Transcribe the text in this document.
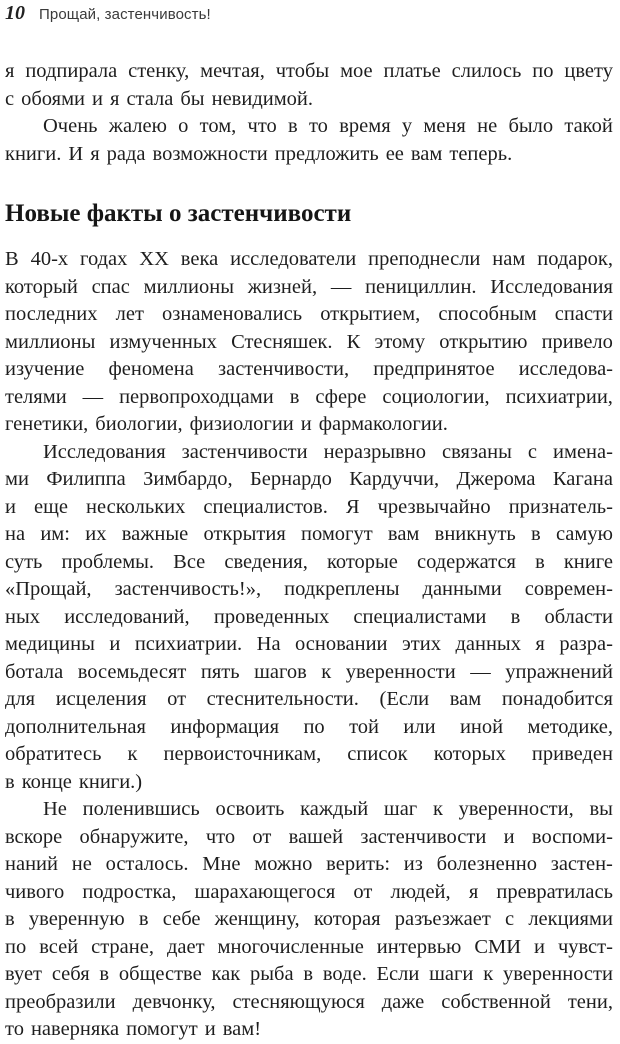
10 Прощай, застенчивость!
я подпирала стенку, мечтая, чтобы мое платье слилось по цвету
с обоями и я стала бы невидимой.
Очень жалею о том, что в то время у меня не было такой
книги. И я рада возможности предложить ее вам теперь.
Новые факты о застенчивости
В 40-х годах XX века исследователи преподнесли нам подарок,
который спас миллионы жизней, — пенициллин. Исследования
последних лет ознаменовались открытием, способным спасти
миллионы измученных Стесняшек. К этому открытию привело
изучение феномена застенчивости, предпринятое исследова-
телями — первопроходцами в сфере социологии, психиатрии,
генетики, биологии, физиологии и фармакологии.
Исследования застенчивости неразрывно связаны с имена-
ми Филиппа Зимбардо, Бернардо Кардуччи, Джерома Кагана
и еще нескольких специалистов. Я чрезвычайно признатель-
на им: их важные открытия помогут вам вникнуть в самую
суть проблемы. Все сведения, которые содержатся в книге
«Прощай, застенчивость!», подкреплены данными современ-
ных исследований, проведенных специалистами в области
медицины и психиатрии. На основании этих данных я разра-
ботала восемьдесят пять шагов к уверенности — упражнений
для исцеления от стеснительности. (Если вам понадобится
дополнительная информация по той или иной методике,
обратитесь к первоисточникам, список которых приведен
в конце книги.)
Не поленившись освоить каждый шаг к уверенности, вы
вскоре обнаружите, что от вашей застенчивости и воспоми-
наний не осталось. Мне можно верить: из болезненно застен-
чивого подростка, шарахающегося от людей, я превратилась
в уверенную в себе женщину, которая разъезжает с лекциями
по всей стране, дает многочисленные интервью СМИ и чувст-
вует себя в обществе как рыба в воде. Если шаги к уверенности
преобразили девчонку, стесняющуюся даже собственной тени,
то наверняка помогут и вам!
